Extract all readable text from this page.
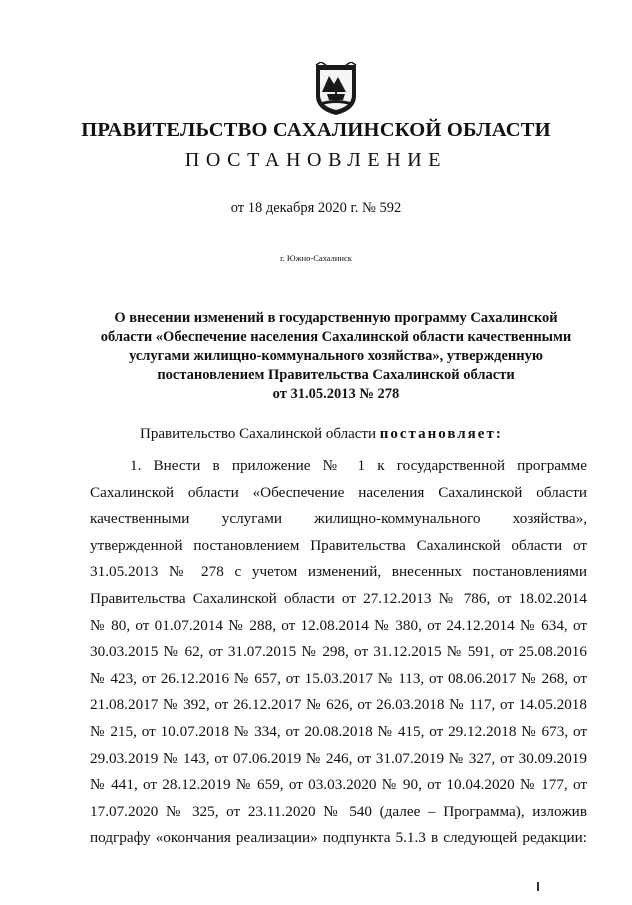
ПРАВИТЕЛЬСТВО САХАЛИНСКОЙ ОБЛАСТИ
ПОСТАНОВЛЕНИЕ
от 18 декабря 2020 г. № 592
г. Южно-Сахалинск
О внесении изменений в государственную программу Сахалинской
области «Обеспечение населения Сахалинской области качественными
услугами жилищно-коммунального хозяйства», утвержденную
постановлением Правительства Сахалинской области
от 31.05.2013 № 278
Правительство Сахалинской области постановляет:
1. Внести в приложение № 1 к государственной программе
Сахалинской области «Обеспечение населения Сахалинской области
качественными услугами жилищно-коммунального хозяйства»,
утвержденной постановлением Правительства Сахалинской области от
31.05.2013 № 278 с учетом изменений, внесенных постановлениями
Правительства Сахалинской области от 27.12.2013 № 786, от 18.02.2014
№ 80, от 01.07.2014 № 288, от 12.08.2014 № 380, от 24.12.2014 № 634, от
30.03.2015 № 62, от 31.07.2015 № 298, от 31.12.2015 № 591, от 25.08.2016
№ 423, от 26.12.2016 № 657, от 15.03.2017 № 113, от 08.06.2017 № 268, от
21.08.2017 № 392, от 26.12.2017 № 626, от 26.03.2018 № 117, от 14.05.2018
№ 215, от 10.07.2018 № 334, от 20.08.2018 № 415, от 29.12.2018 № 673, от
29.03.2019 № 143, от 07.06.2019 № 246, от 31.07.2019 № 327, от 30.09.2019
№ 441, от 28.12.2019 № 659, от 03.03.2020 № 90, от 10.04.2020 № 177, от
17.07.2020 № 325, от 23.11.2020 № 540 (далее – Программа), изложив
подграфу «окончания реализации» подпункта 5.1.3 в следующей редакции:
